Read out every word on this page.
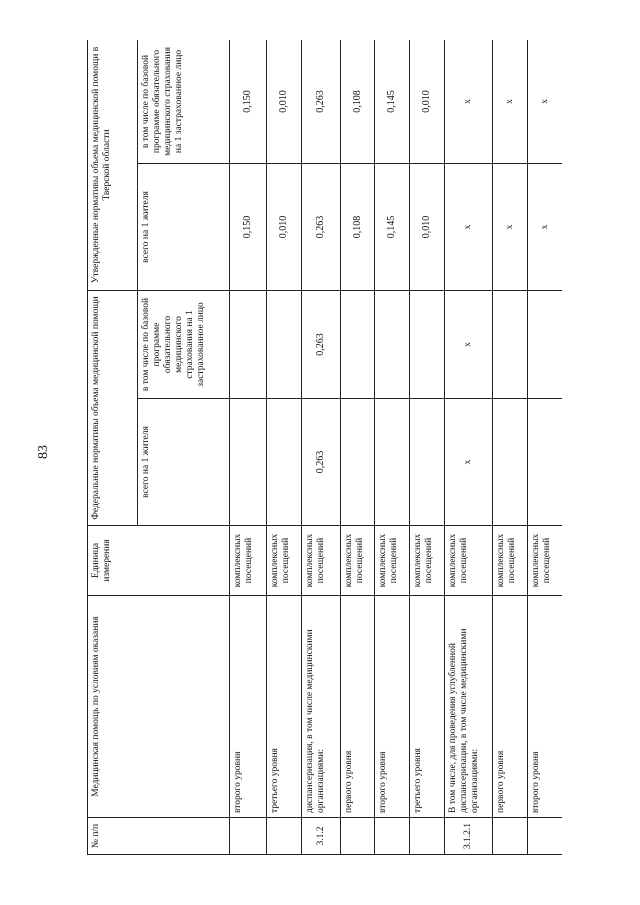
83
№ п/п	Медицинская помощь по условиям оказания	Единица измерения	Федеральные нормативы объема медицинской помощи		Утвержденные нормативы объема медицинской помощи в Тверской области	
			всего на 1 жителя	в том числе по базовой программе обязательного медицинского страхования на 1 застрахованное лицо	всего на 1 жителя	в том числе по базовой программе обязательного медицинского страхования на 1 застрахованное лицо
	второго уровня	комплексных посещений			0,150	0,150
	третьего уровня	комплексных посещений			0,010	0,010
3.1.2	диспансеризация, в том числе медицинскими организациями:	комплексных посещений	0,263	0,263	0,263	0,263
	первого уровня	комплексных посещений			0,108	0,108
	второго уровня	комплексных посещений			0,145	0,145
	третьего уровня	комплексных посещений			0,010	0,010
3.1.2.1	В том числе, для проведения углубленной диспансеризации, в том числе медицинскими организациями:	комплексных посещений	x	x	x	x
	первого уровня	комплексных посещений			x	x
	второго уровня	комплексных посещений			x	x
